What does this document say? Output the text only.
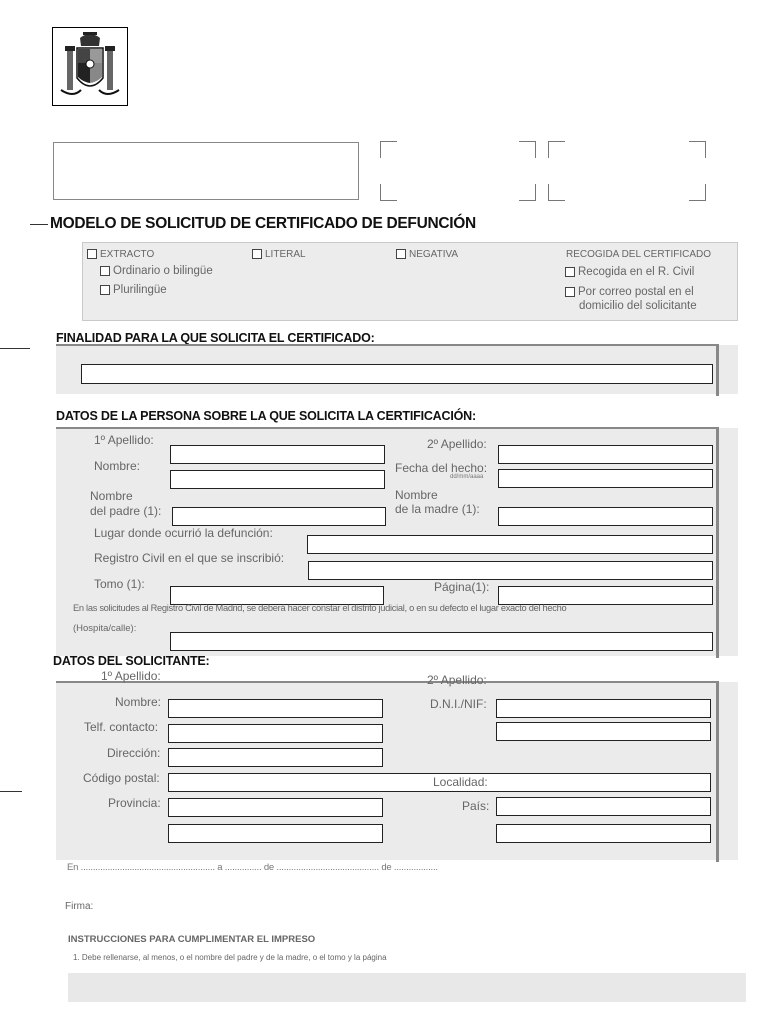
MODELO DE SOLICITUD DE CERTIFICADO DE DEFUNCIÓN
EXTRACTO
Ordinario o bilingüe
Plurilingüe
LITERAL	NEGATIVA	RECOGIDA DEL CERTIFICADO
Recogida en el R. Civil
Por correo postal en el
domicilio del solicitante
FINALIDAD PARA LA QUE SOLICITA EL CERTIFICADO:
DATOS DE LA PERSONA SOBRE LA QUE SOLICITA LA CERTIFICACIÓN:
1º Apellido:	2º Apellido:
Nombre:	Fecha del hecho:
dd/mm/aaaa
Nombre
del padre (1):
Nombre
de la madre (1):
Lugar donde ocurrió la defunción:
Registro Civil en el que se inscribió:
Tomo (1):	Página(1):
En las solicitudes al Registro Civil de Madrid, se deberá hacer constar el distrito judicial, o en su defecto el lugar exacto del hecho
(Hospita/calle):
DATOS DEL SOLICITANTE:
1º Apellido:	2º Apellido:
Nombre:	D.N.I./NIF:
Telf. contacto:
Dirección:
Código postal:	Localidad:
Provincia:	País:
En ....................................................... a ............... de .......................................... de ..................
Firma:
INSTRUCCIONES PARA CUMPLIMENTAR EL IMPRESO
1. Debe rellenarse, al menos, o el nombre del padre y de la madre, o el tomo y la página
